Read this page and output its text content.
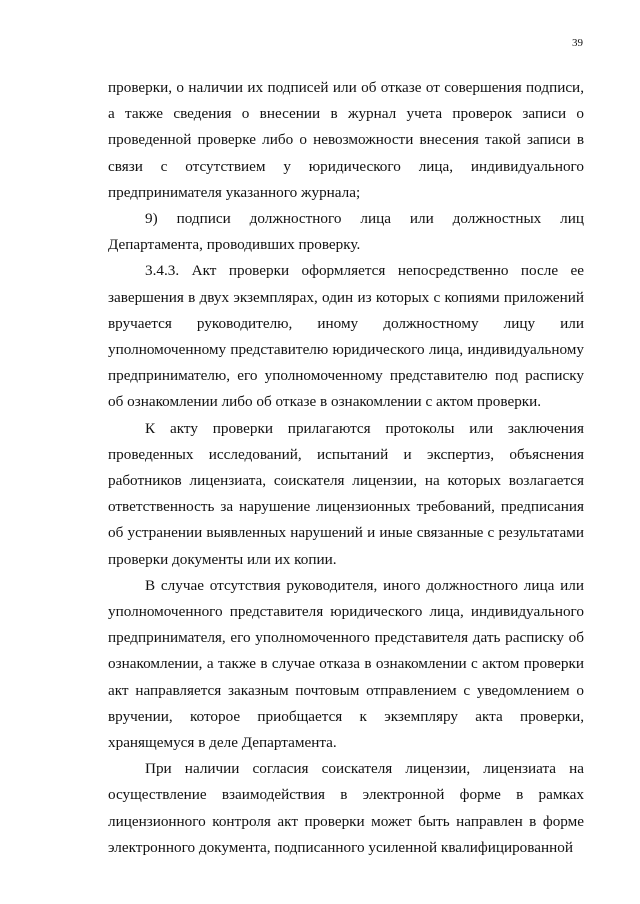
39

проверки, о наличии их подписей или об отказе от совершения подписи, а также сведения о внесении в журнал учета проверок записи о проведенной проверке либо о невозможности внесения такой записи в связи с отсутствием у юридического лица, индивидуального предпринимателя указанного журнала;

9) подписи должностного лица или должностных лиц Департамента, проводивших проверку.

3.4.3. Акт проверки оформляется непосредственно после ее завершения в двух экземплярах, один из которых с копиями приложений вручается руководителю, иному должностному лицу или уполномоченному представителю юридического лица, индивидуальному предпринимателю, его уполномоченному представителю под расписку об ознакомлении либо об отказе в ознакомлении с актом проверки.

К акту проверки прилагаются протоколы или заключения проведенных исследований, испытаний и экспертиз, объяснения работников лицензиата, соискателя лицензии, на которых возлагается ответственность за нарушение лицензионных требований, предписания об устранении выявленных нарушений и иные связанные с результатами проверки документы или их копии.

В случае отсутствия руководителя, иного должностного лица или уполномоченного представителя юридического лица, индивидуального предпринимателя, его уполномоченного представителя дать расписку об ознакомлении, а также в случае отказа в ознакомлении с актом проверки акт направляется заказным почтовым отправлением с уведомлением о вручении, которое приобщается к экземпляру акта проверки, хранящемуся в деле Департамента.

При наличии согласия соискателя лицензии, лицензиата на осуществление взаимодействия в электронной форме в рамках лицензионного контроля акт проверки может быть направлен в форме электронного документа, подписанного усиленной квалифицированной
